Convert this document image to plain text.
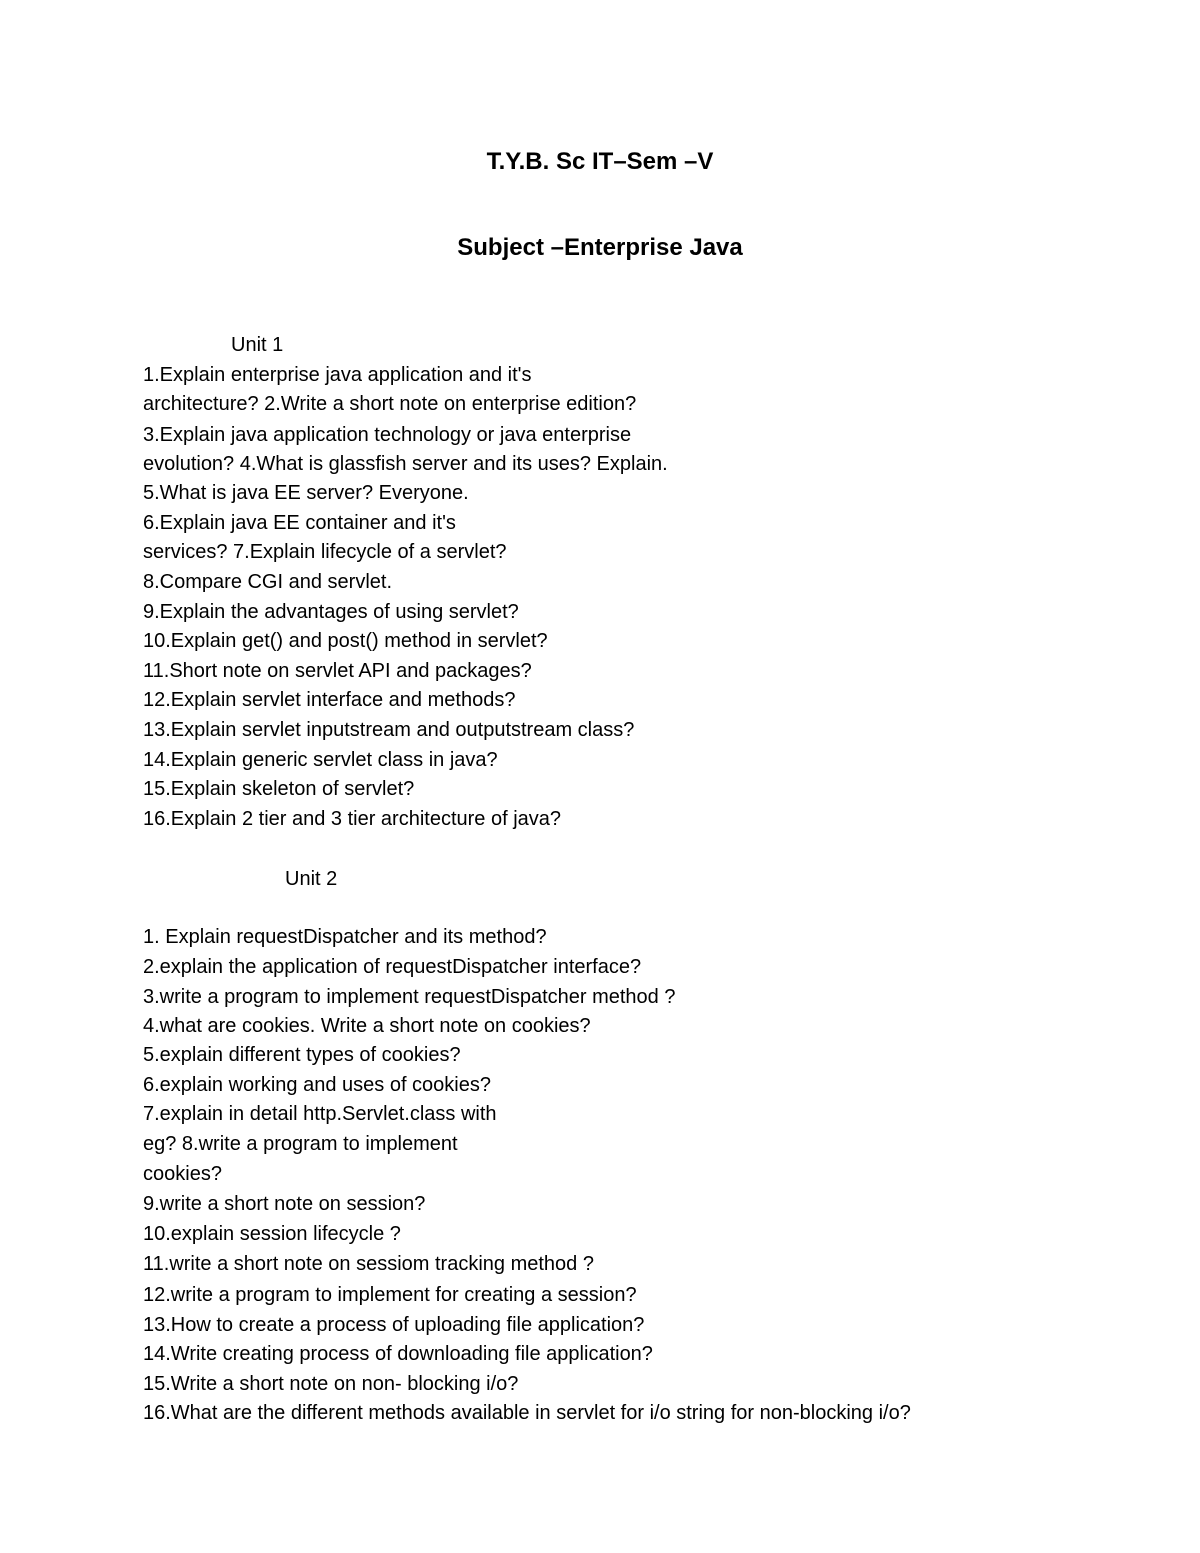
T.Y.B. Sc IT–Sem –V
Subject –Enterprise Java

Unit 1

1.Explain enterprise java application and it's

architecture? 2.Write a short note on enterprise edition?

3.Explain java application technology or java enterprise

evolution? 4.What is glassfish server and its uses? Explain.

5.What is java EE server? Everyone.

6.Explain java EE container and it's

services? 7.Explain lifecycle of a servlet?

8.Compare CGI and servlet.

9.Explain the advantages of using servlet?

10.Explain get() and post() method in servlet?

11.Short note on servlet API and packages?

12.Explain servlet interface and methods?

13.Explain servlet inputstream and outputstream class?

14.Explain generic servlet class in java?

15.Explain skeleton of servlet?

16.Explain 2 tier and 3 tier architecture of java?

Unit 2

1. Explain requestDispatcher and its method?

2.explain the application of requestDispatcher interface?

3.write a program to implement requestDispatcher method ?

4.what are cookies. Write a short note on cookies?

5.explain different types of cookies?

6.explain working and uses of cookies?

7.explain in detail http.Servlet.class with

eg? 8.write a program to implement

cookies?

9.write a short note on session?

10.explain session lifecycle ?

11.write a short note on sessiom tracking method ?

12.write a program to implement for creating a session?

13.How to create a process of uploading file application?

14.Write creating process of downloading file application?

15.Write a short note on non- blocking i/o?

16.What are the different methods available in servlet for i/o string for non-blocking i/o?
